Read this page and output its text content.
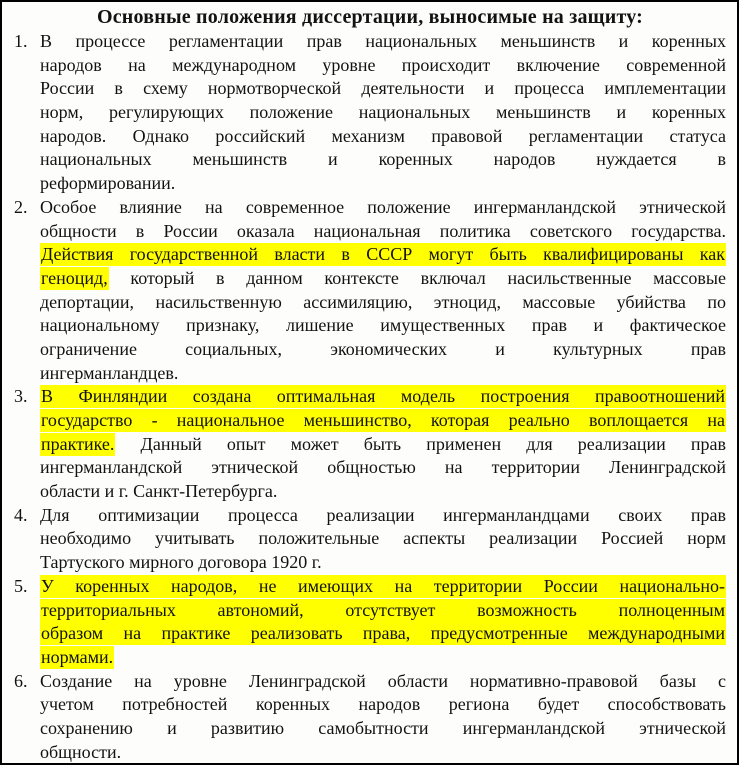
Основные положения диссертации, выносимые на защиту:
1. В процессе регламентации прав национальных меньшинств и коренных
народов на международном уровне происходит включение современной
России в схему нормотворческой деятельности и процесса имплементации
норм, регулирующих положение национальных меньшинств и коренных
народов. Однако российский механизм правовой регламентации статуса
национальных меньшинств и коренных народов нуждается в
реформировании.
2. Особое влияние на современное положение ингерманландской этнической
общности в России оказала национальная политика советского государства.
Действия государственной власти в СССР могут быть квалифицированы как
геноцид, который в данном контексте включал насильственные массовые
депортации, насильственную ассимиляцию, этноцид, массовые убийства по
национальному признаку, лишение имущественных прав и фактическое
ограничение социальных, экономических и культурных прав
ингерманландцев.
3. В Финляндии создана оптимальная модель построения правоотношений
государство - национальное меньшинство, которая реально воплощается на
практике. Данный опыт может быть применен для реализации прав
ингерманландской этнической общностью на территории Ленинградской
области и г. Санкт-Петербурга.
4. Для оптимизации процесса реализации ингерманландцами своих прав
необходимо учитывать положительные аспекты реализации Россией норм
Тартуского мирного договора 1920 г.
5. У коренных народов, не имеющих на территории России национально-
территориальных автономий, отсутствует возможность полноценным
образом на практике реализовать права, предусмотренные международными
нормами.
6. Создание на уровне Ленинградской области нормативно-правовой базы с
учетом потребностей коренных народов региона будет способствовать
сохранению и развитию самобытности ингерманландской этнической
общности.
